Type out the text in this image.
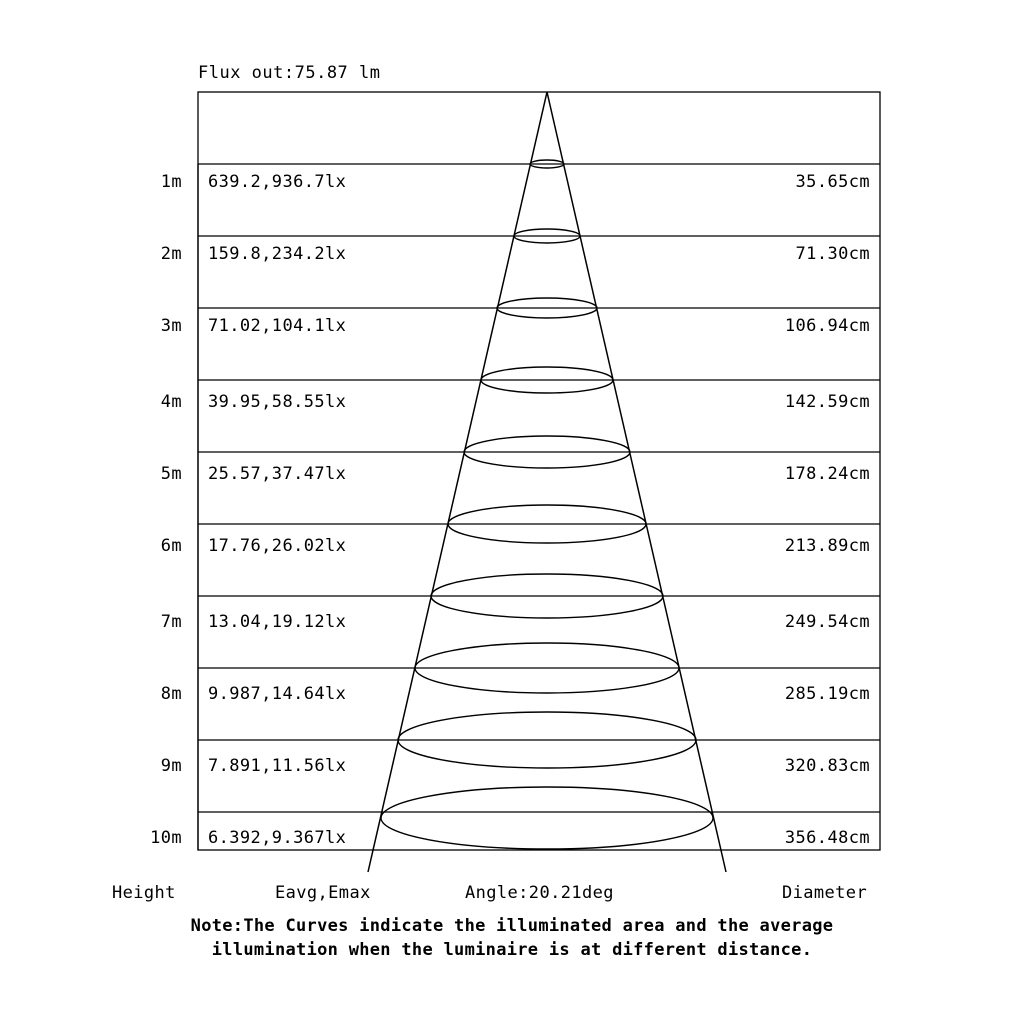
Flux out:75.87 lm
1m 639.2,936.7lx	35.65cm
2m 159.8,234.2lx	71.30cm
3m 71.02,104.1lx	106.94cm
4m 39.95,58.55lx	142.59cm
5m 25.57,37.47lx	178.24cm
6m 17.76,26.02lx	213.89cm
7m 13.04,19.12lx	249.54cm
8m 9.987,14.64lx	285.19cm
9m 7.891,11.56lx	320.83cm
10m 6.392,9.367lx	356.48cm
Height	Eavg,Emax	Angle:20.21deg	Diameter
Note:The Curves indicate the illuminated area and the average
illumination when the luminaire is at different distance.
